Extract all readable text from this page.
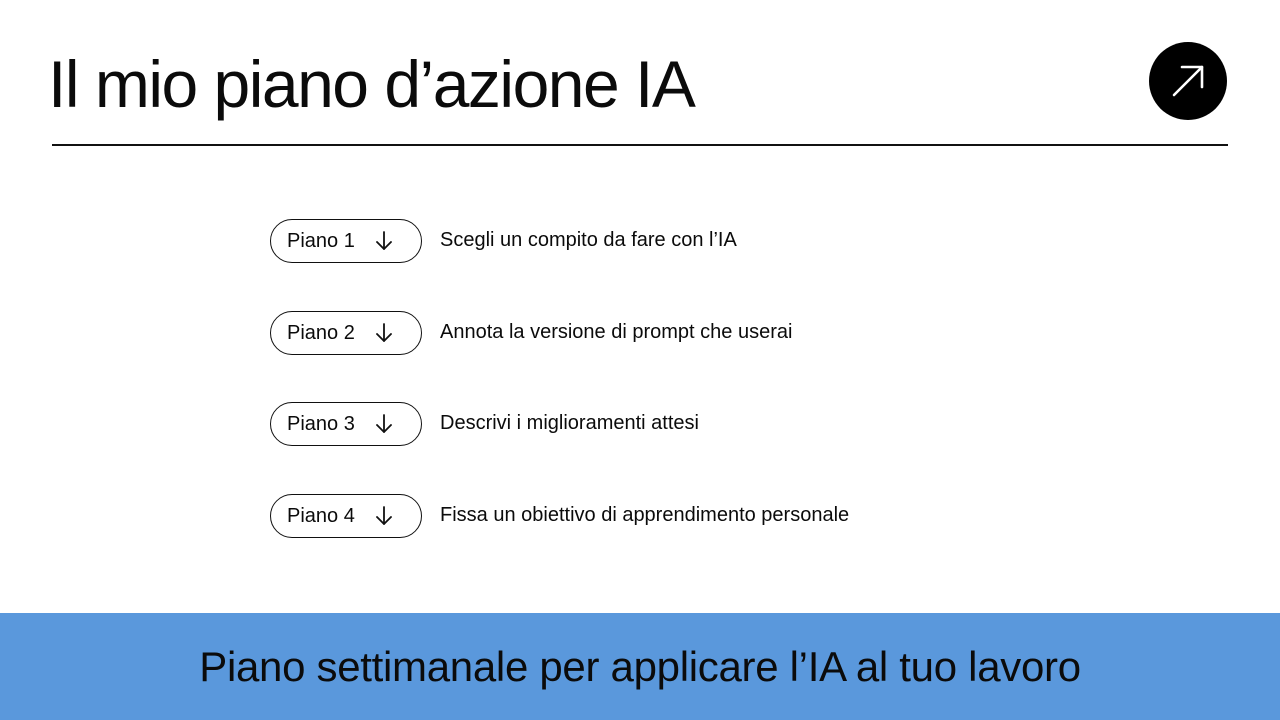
Il mio piano d’azione IA
Piano 1	Scegli un compito da fare con l’IA
Piano 2	Annota la versione di prompt che userai
Piano 3	Descrivi i miglioramenti attesi
Piano 4	Fissa un obiettivo di apprendimento personale
Piano settimanale per applicare l’IA al tuo lavoro
